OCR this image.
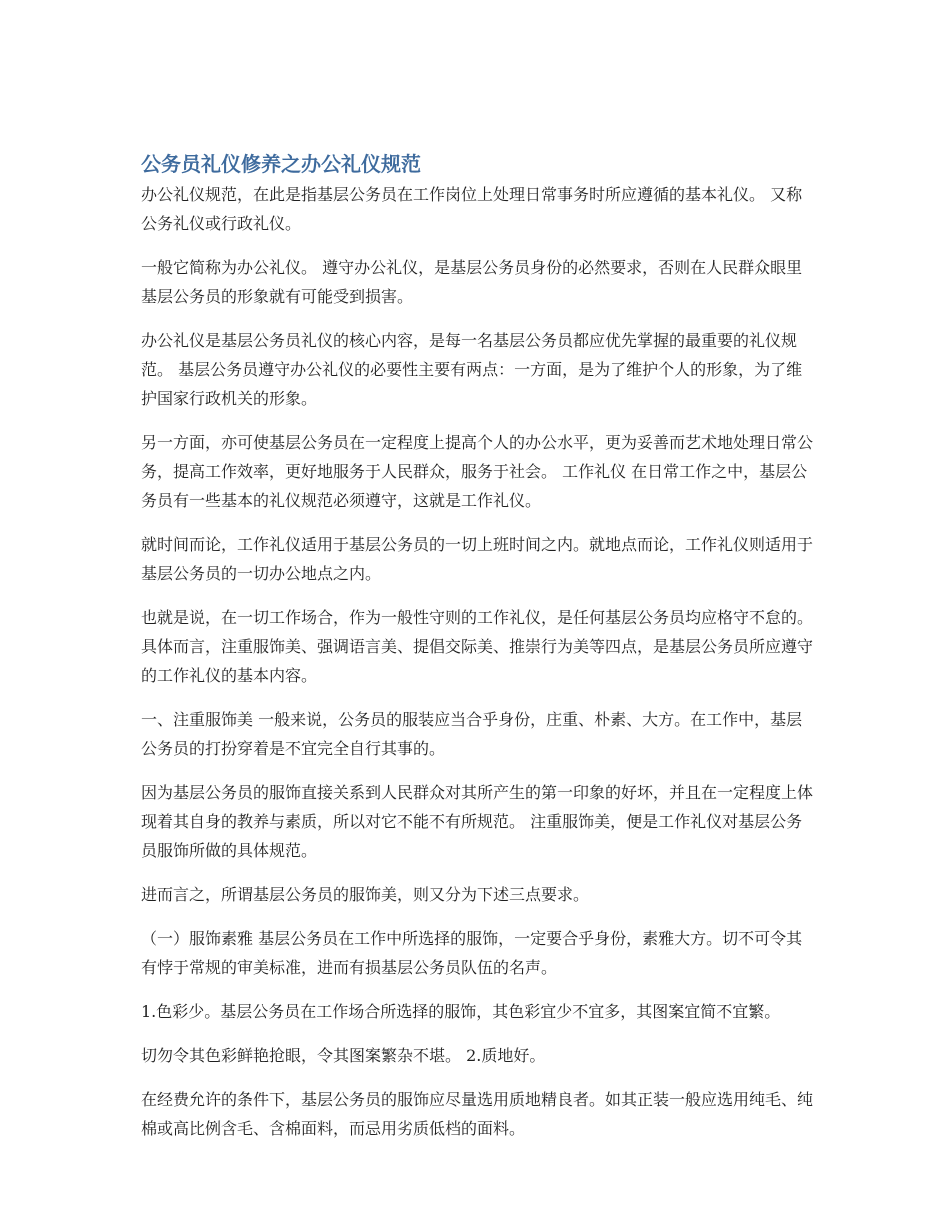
公务员礼仪修养之办公礼仪规范

办公礼仪规范，在此是指基层公务员在工作岗位上处理日常事务时所应遵循的基本礼仪。 又称公务礼仪或行政礼仪。

一般它简称为办公礼仪。 遵守办公礼仪，是基层公务员身份的必然要求，否则在人民群众眼里基层公务员的形象就有可能受到损害。

办公礼仪是基层公务员礼仪的核心内容，是每一名基层公务员都应优先掌握的最重要的礼仪规范。 基层公务员遵守办公礼仪的必要性主要有两点：一方面，是为了维护个人的形象，为了维护国家行政机关的形象。

另一方面，亦可使基层公务员在一定程度上提高个人的办公水平，更为妥善而艺术地处理日常公务，提高工作效率，更好地服务于人民群众，服务于社会。 工作礼仪 在日常工作之中，基层公务员有一些基本的礼仪规范必须遵守，这就是工作礼仪。

就时间而论，工作礼仪适用于基层公务员的一切上班时间之内。就地点而论，工作礼仪则适用于基层公务员的一切办公地点之内。

也就是说，在一切工作场合，作为一般性守则的工作礼仪，是任何基层公务员均应格守不怠的。 具体而言，注重服饰美、强调语言美、提倡交际美、推崇行为美等四点，是基层公务员所应遵守的工作礼仪的基本内容。

一、注重服饰美 一般来说，公务员的服装应当合乎身份，庄重、朴素、大方。在工作中，基层公务员的打扮穿着是不宜完全自行其事的。

因为基层公务员的服饰直接关系到人民群众对其所产生的第一印象的好坏，并且在一定程度上体现着其自身的教养与素质，所以对它不能不有所规范。 注重服饰美，便是工作礼仪对基层公务员服饰所做的具体规范。

进而言之，所谓基层公务员的服饰美，则又分为下述三点要求。

（一）服饰素雅 基层公务员在工作中所选择的服饰，一定要合乎身份，素雅大方。切不可令其有悖于常规的审美标准，进而有损基层公务员队伍的名声。

1.色彩少。基层公务员在工作场合所选择的服饰，其色彩宜少不宜多，其图案宜简不宜繁。

切勿令其色彩鲜艳抢眼，令其图案繁杂不堪。 2.质地好。

在经费允许的条件下，基层公务员的服饰应尽量选用质地精良者。如其正装一般应选用纯毛、纯棉或高比例含毛、含棉面料，而忌用劣质低档的面料。
